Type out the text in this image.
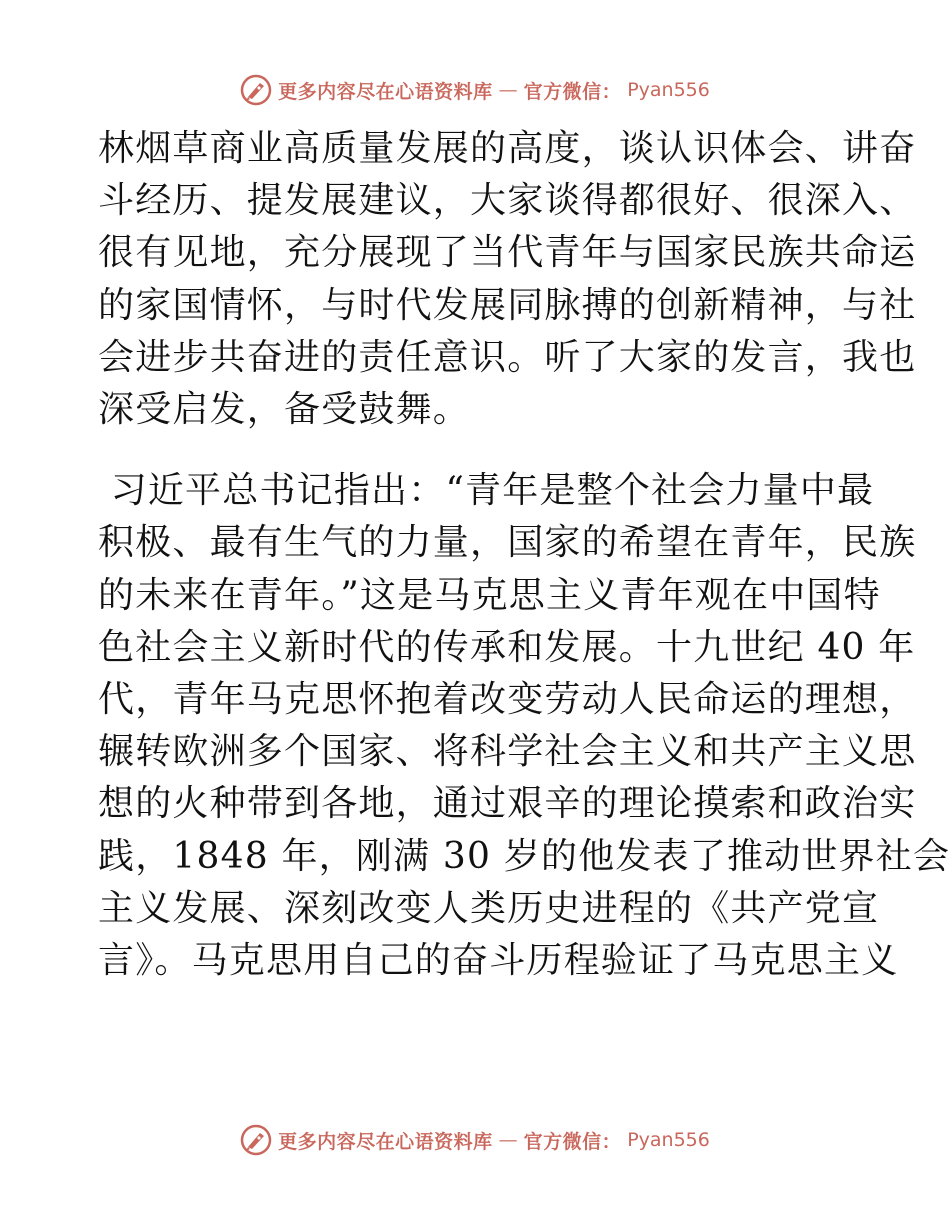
更多内容尽在心语资料库 — 官方微信： Pyan556

林烟草商业高质量发展的高度，谈认识体会、讲奋
斗经历、提发展建议，大家谈得都很好、很深入、
很有见地，充分展现了当代青年与国家民族共命运
的家国情怀，与时代发展同脉搏的创新精神，与社
会进步共奋进的责任意识。听了大家的发言，我也
深受启发，备受鼓舞。

习近平总书记指出：“青年是整个社会力量中最
积极、最有生气的力量，国家的希望在青年，民族
的未来在青年。”这是马克思主义青年观在中国特
色社会主义新时代的传承和发展。十九世纪 40 年
代，青年马克思怀抱着改变劳动人民命运的理想，
辗转欧洲多个国家、将科学社会主义和共产主义思
想的火种带到各地，通过艰辛的理论摸索和政治实
践，1848 年，刚满 30 岁的他发表了推动世界社会
主义发展、深刻改变人类历史进程的《共产党宣
言》。马克思用自己的奋斗历程验证了马克思主义

更多内容尽在心语资料库 — 官方微信： Pyan556
